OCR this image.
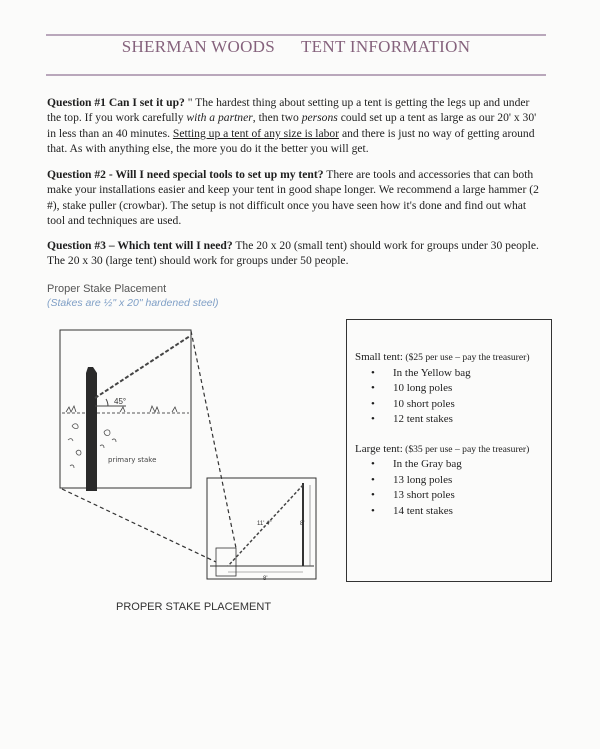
SHERMAN WOODS TENT INFORMATION
Question #1 Can I set it up? " The hardest thing about setting up a tent is getting the legs up and under the top. If you work carefully with a partner, then two persons could set up a tent as large as our 20' x 30' in less than an 40 minutes. Setting up a tent of any size is labor and there is just no way of getting around that. As with anything else, the more you do it the better you will get.
Question #2 - Will I need special tools to set up my tent? There are tools and accessories that can both make your installations easier and keep your tent in good shape longer. We recommend a large hammer (2 #), stake puller (crowbar). The setup is not difficult once you have seen how it's done and find out what tool and techniques are used.
Question #3 – Which tent will I need? The 20 x 20 (small tent) should work for groups under 30 people. The 20 x 30 (large tent) should work for groups under 50 people.
Proper Stake Placement
(Stakes are ½" x 20" hardened steel)
45°
primary stake
11' 4"	8'
8'
PROPER STAKE PLACEMENT
Small tent: ($25 per use – pay the treasurer)
• In the Yellow bag
• 10 long poles
• 10 short poles
• 12 tent stakes
Large tent: ($35 per use – pay the treasurer)
• In the Gray bag
• 13 long poles
• 13 short poles
• 14 tent stakes
